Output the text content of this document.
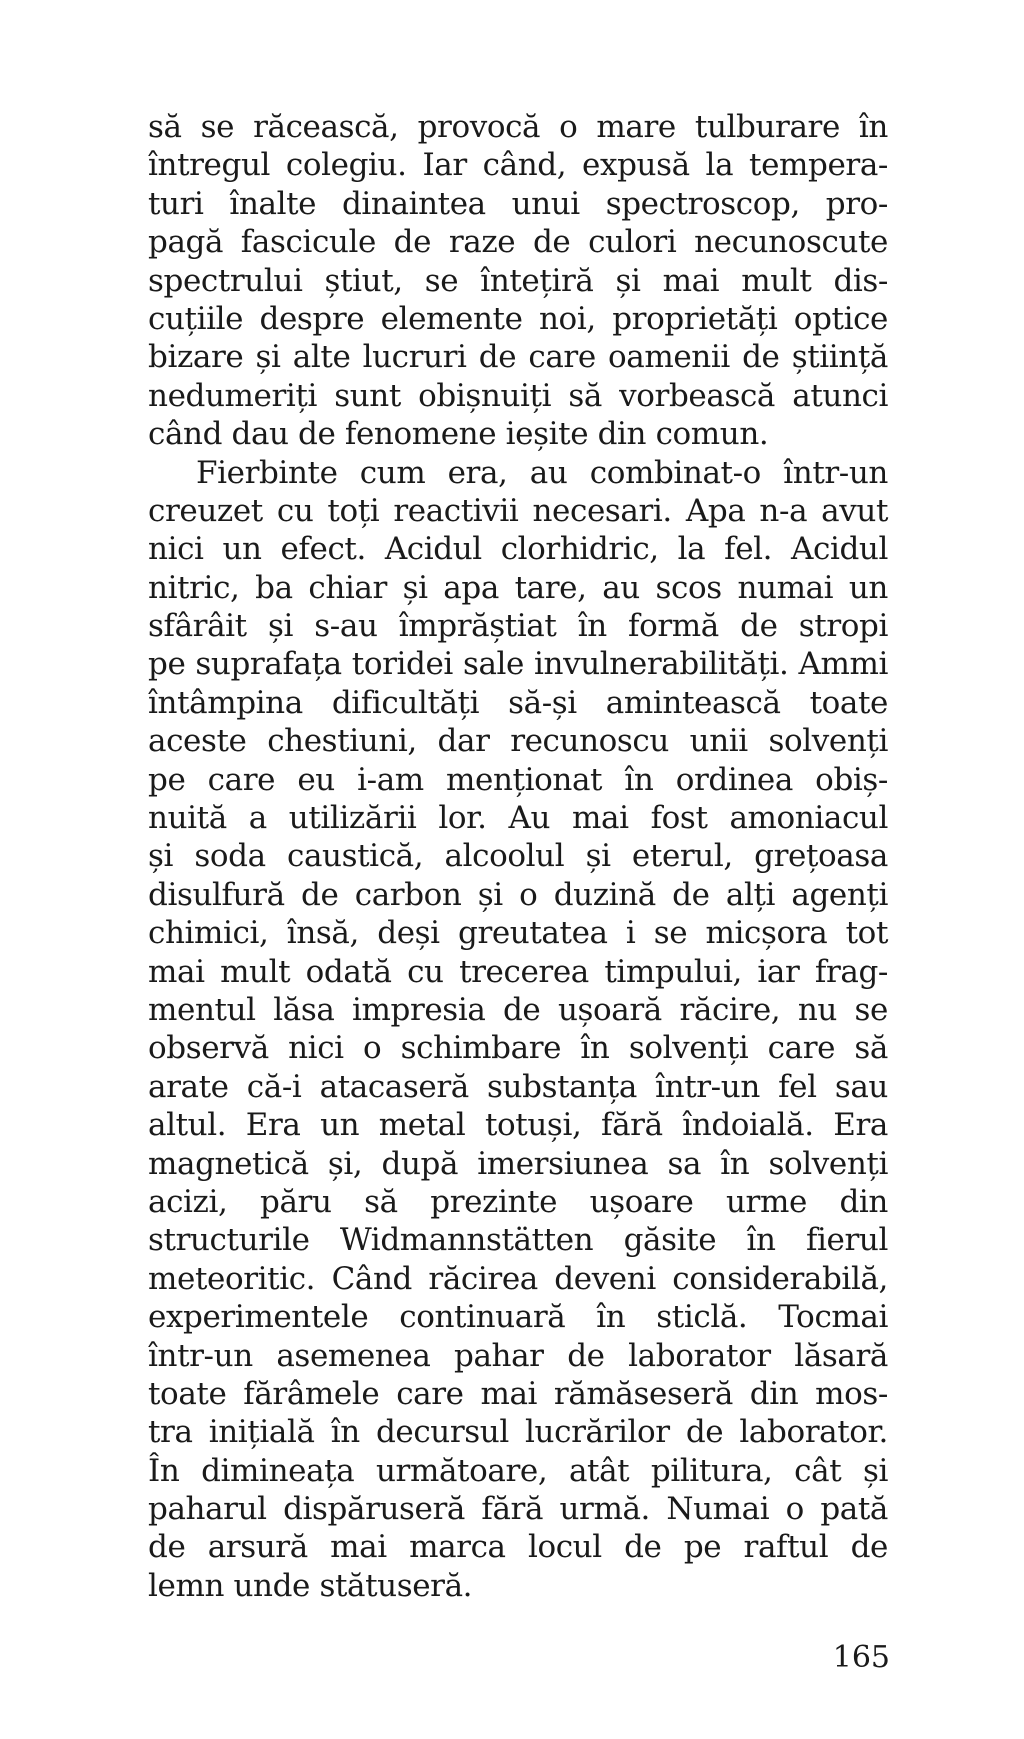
să se răcească, provocă o mare tulburare în
întregul colegiu. Iar când, expusă la tempera-
turi înalte dinaintea unui spectroscop, pro-
pagă fascicule de raze de culori necunoscute
spectrului știut, se întețiră și mai mult dis-
cuțiile despre elemente noi, proprietăți optice
bizare și alte lucruri de care oamenii de știință
nedumeriți sunt obișnuiți să vorbească atunci
când dau de fenomene ieșite din comun.
Fierbinte cum era, au combinat-o într-un
creuzet cu toți reactivii necesari. Apa n-a avut
nici un efect. Acidul clorhidric, la fel. Acidul
nitric, ba chiar și apa tare, au scos numai un
sfârâit și s-au împrăștiat în formă de stropi
pe suprafața toridei sale invulnerabilități. Ammi
întâmpina dificultăți să-și amintească toate
aceste chestiuni, dar recunoscu unii solvenți
pe care eu i-am menționat în ordinea obiș-
nuită a utilizării lor. Au mai fost amoniacul
și soda caustică, alcoolul și eterul, grețoasa
disulfură de carbon și o duzină de alți agenți
chimici, însă, deși greutatea i se micșora tot
mai mult odată cu trecerea timpului, iar frag-
mentul lăsa impresia de ușoară răcire, nu se
observă nici o schimbare în solvenți care să
arate că-i atacaseră substanța într-un fel sau
altul. Era un metal totuși, fără îndoială. Era
magnetică și, după imersiunea sa în solvenți
acizi, păru să prezinte ușoare urme din
structurile Widmannstätten găsite în fierul
meteoritic. Când răcirea deveni considerabilă,
experimentele continuară în sticlă. Tocmai
într-un asemenea pahar de laborator lăsară
toate fărâmele care mai rămăseseră din mos-
tra inițială în decursul lucrărilor de laborator.
În dimineața următoare, atât pilitura, cât și
paharul dispăruseră fără urmă. Numai o pată
de arsură mai marca locul de pe raftul de
lemn unde stătuseră.
165
